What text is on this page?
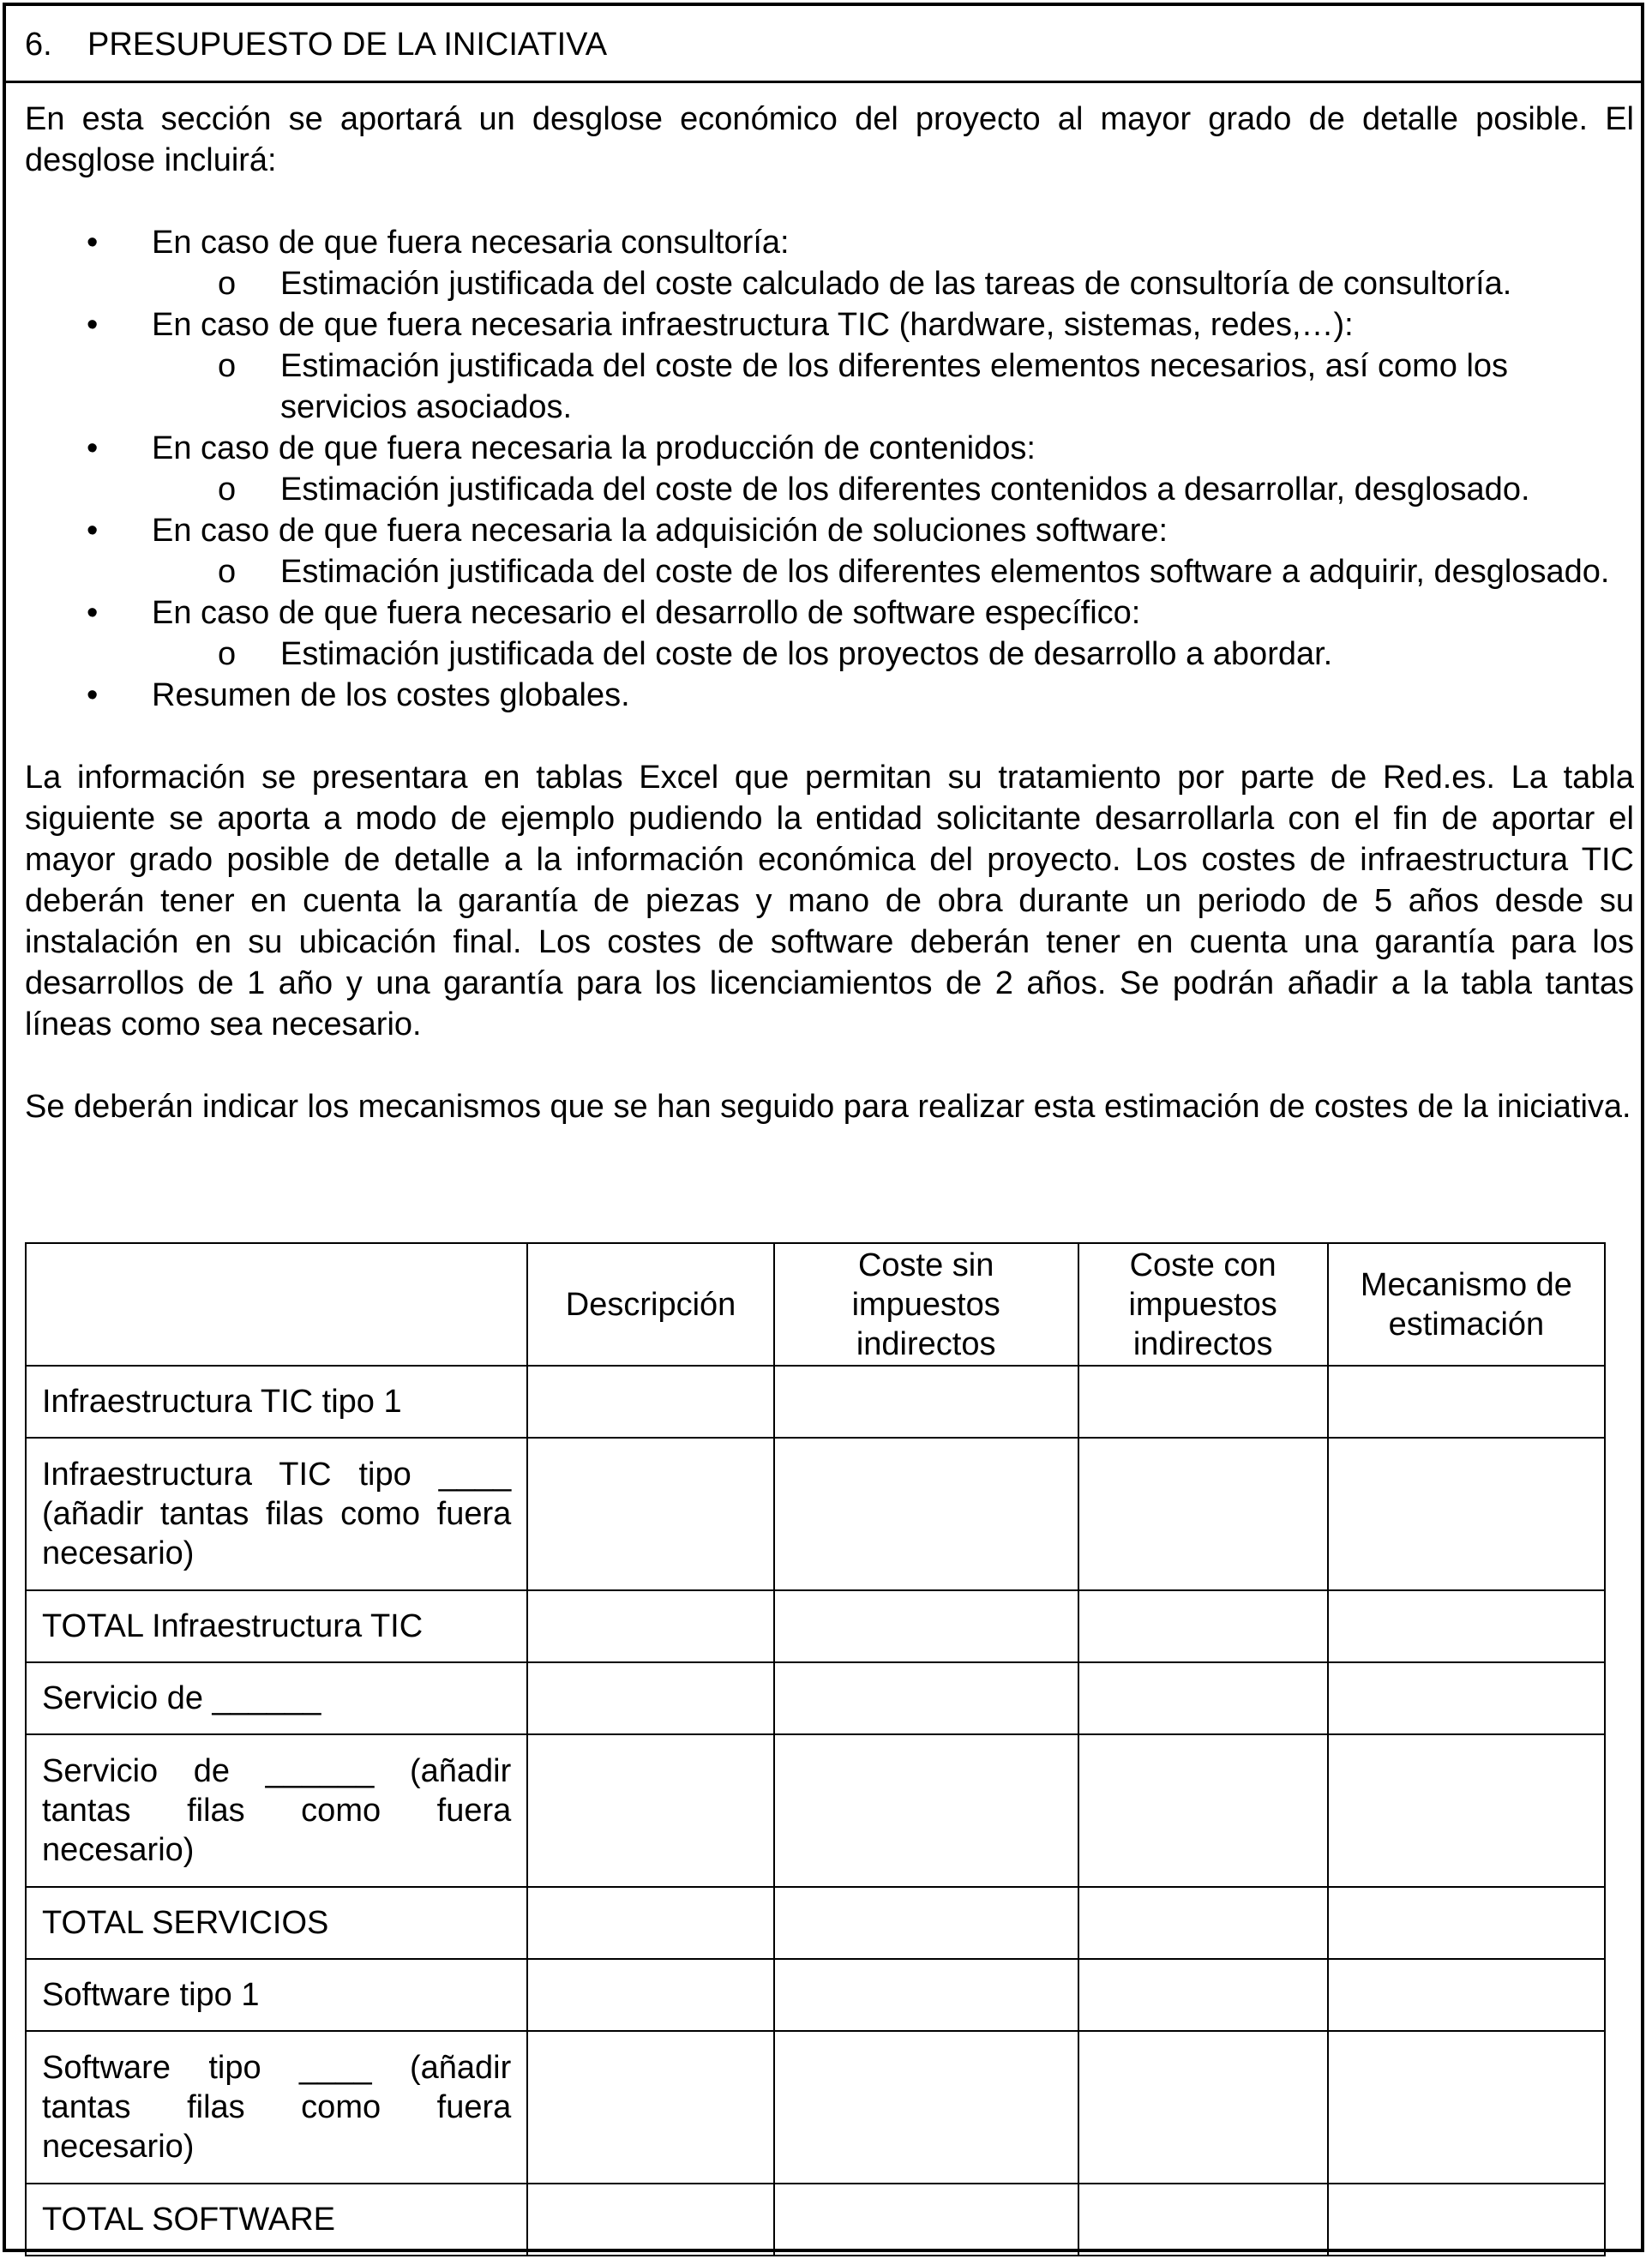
6. PRESUPUESTO DE LA INICIATIVA

En esta sección se aportará un desglose económico del proyecto al mayor grado de detalle posible. El desglose incluirá:

• En caso de que fuera necesaria consultoría:
o Estimación justificada del coste calculado de las tareas de consultoría de consultoría.
• En caso de que fuera necesaria infraestructura TIC (hardware, sistemas, redes,…):
o Estimación justificada del coste de los diferentes elementos necesarios, así como los servicios asociados.
• En caso de que fuera necesaria la producción de contenidos:
o Estimación justificada del coste de los diferentes contenidos a desarrollar, desglosado.
• En caso de que fuera necesaria la adquisición de soluciones software:
o Estimación justificada del coste de los diferentes elementos software a adquirir, desglosado.
• En caso de que fuera necesario el desarrollo de software específico:
o Estimación justificada del coste de los proyectos de desarrollo a abordar.
• Resumen de los costes globales.

La información se presentara en tablas Excel que permitan su tratamiento por parte de Red.es. La tabla siguiente se aporta a modo de ejemplo pudiendo la entidad solicitante desarrollarla con el fin de aportar el mayor grado posible de detalle a la información económica del proyecto. Los costes de infraestructura TIC deberán tener en cuenta la garantía de piezas y mano de obra durante un periodo de 5 años desde su instalación en su ubicación final. Los costes de software deberán tener en cuenta una garantía para los desarrollos de 1 año y una garantía para los licenciamientos de 2 años. Se podrán añadir a la tabla tantas líneas como sea necesario.

Se deberán indicar los mecanismos que se han seguido para realizar esta estimación de costes de la iniciativa.

	Descripción	Coste sin impuestos indirectos	Coste con impuestos indirectos	Mecanismo de estimación
Infraestructura TIC tipo 1				
Infraestructura TIC tipo ____ (añadir tantas filas como fuera necesario)				
TOTAL Infraestructura TIC				
Servicio de ______				
Servicio de ______ (añadir tantas filas como fuera necesario)				
TOTAL SERVICIOS				
Software tipo 1				
Software tipo ____ (añadir tantas filas como fuera necesario)				
TOTAL SOFTWARE				
